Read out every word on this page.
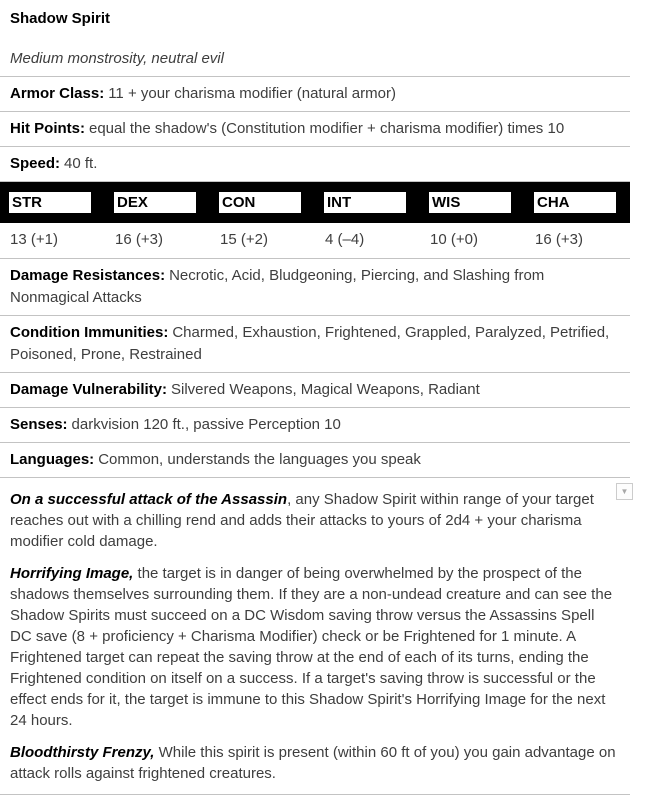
Shadow Spirit
Medium monstrosity, neutral evil
Armor Class: 11 + your charisma modifier (natural armor)
Hit Points: equal the shadow's (Constitution modifier + charisma modifier) times 10
Speed: 40 ft.
STR	DEX	CON	INT	WIS	CHA
13 (+1)	16 (+3)	15 (+2)	4 (–4)	10 (+0)	16 (+3)
Damage Resistances: Necrotic, Acid, Bludgeoning, Piercing, and Slashing from Nonmagical Attacks
Condition Immunities: Charmed, Exhaustion, Frightened, Grappled, Paralyzed, Petrified, Poisoned, Prone, Restrained
Damage Vulnerability: Silvered Weapons, Magical Weapons, Radiant
Senses: darkvision 120 ft., passive Perception 10
Languages: Common, understands the languages you speak
On a successful attack of the Assassin, any Shadow Spirit within range of your target reaches out with a chilling rend and adds their attacks to yours of 2d4 + your charisma modifier cold damage.
Horrifying Image, the target is in danger of being overwhelmed by the prospect of the shadows themselves surrounding them. If they are a non-undead creature and can see the Shadow Spirits must succeed on a DC Wisdom saving throw versus the Assassins Spell DC save (8 + proficiency + Charisma Modifier) check or be Frightened for 1 minute. A Frightened target can repeat the saving throw at the end of each of its turns, ending the Frightened condition on itself on a success. If a target's saving throw is successful or the effect ends for it, the target is immune to this Shadow Spirit's Horrifying Image for the next 24 hours.
Bloodthirsty Frenzy, While this spirit is present (within 60 ft of you) you gain advantage on attack rolls against frightened creatures.
▼
